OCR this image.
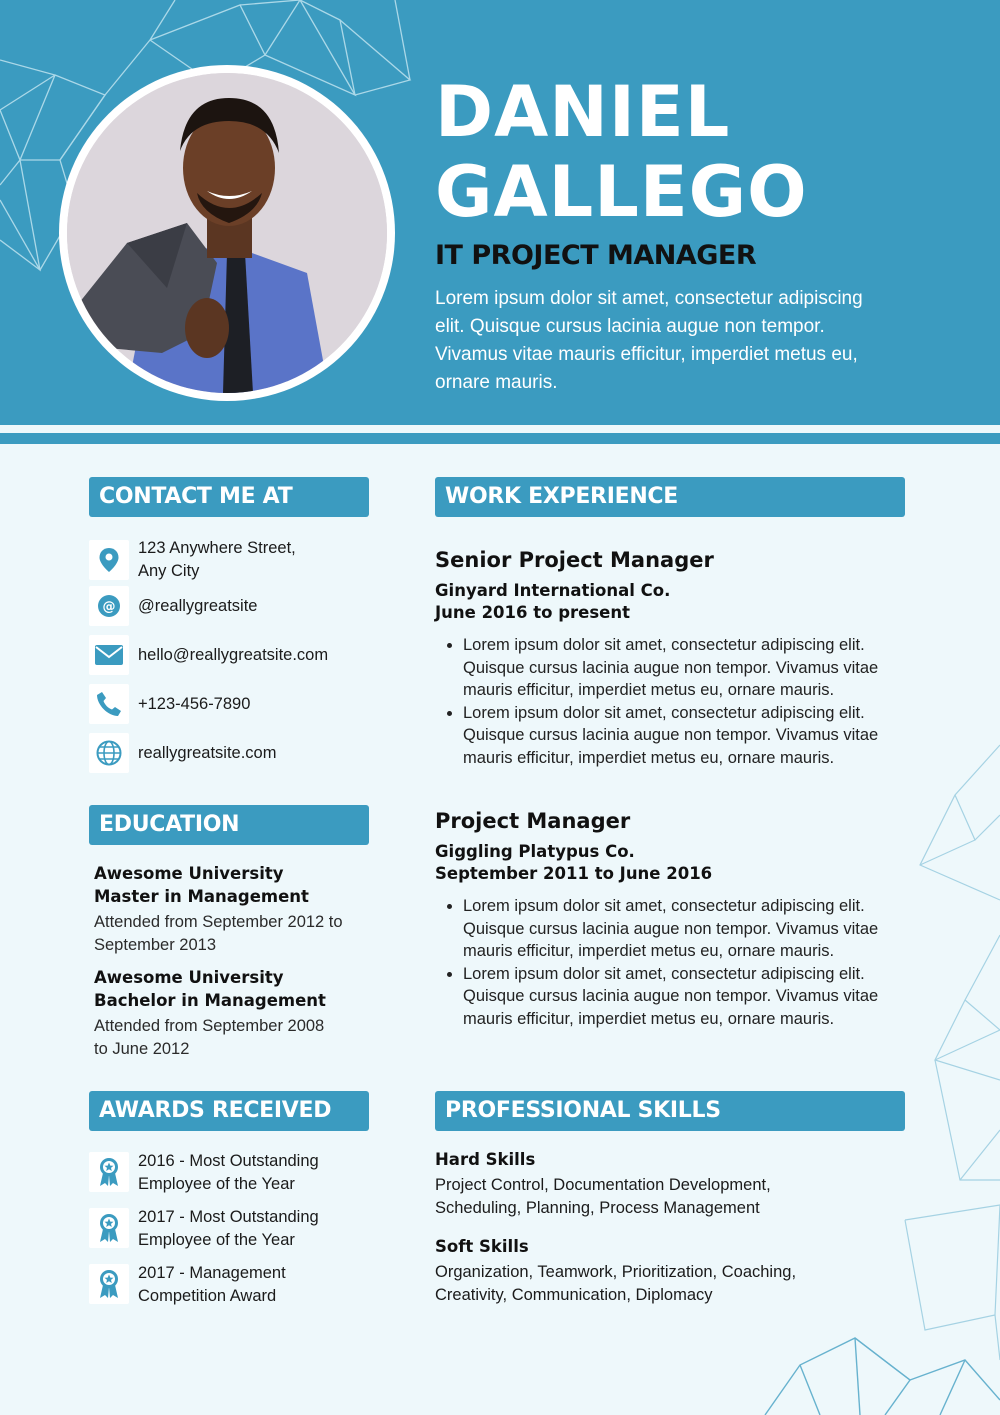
DANIEL
GALLEGO
IT PROJECT MANAGER

Lorem ipsum dolor sit amet, consectetur adipiscing elit. Quisque cursus lacinia augue non tempor. Vivamus vitae mauris efficitur, imperdiet metus eu, ornare mauris.

CONTACT ME AT
123 Anywhere Street, Any City
@ @reallygreatsite
hello@reallygreatsite.com
+123-456-7890
reallygreatsite.com
EDUCATION

Awesome University

Master in Management

Attended from September 2012 to September 2013

Awesome University

Bachelor in Management

Attended from September 2008 to June 2012

AWARDS RECEIVED
2016 - Most Outstanding Employee of the Year
2017 - Most Outstanding Employee of the Year
2017 - Management Competition Award
WORK EXPERIENCE

Senior Project Manager

Ginyard International Co.

June 2016 to present

• Lorem ipsum dolor sit amet, consectetur adipiscing elit. Quisque cursus lacinia augue non tempor. Vivamus vitae mauris efficitur, imperdiet metus eu, ornare mauris.
• Lorem ipsum dolor sit amet, consectetur adipiscing elit. Quisque cursus lacinia augue non tempor. Vivamus vitae mauris efficitur, imperdiet metus eu, ornare mauris.

Project Manager

Giggling Platypus Co.

September 2011 to June 2016

• Lorem ipsum dolor sit amet, consectetur adipiscing elit. Quisque cursus lacinia augue non tempor. Vivamus vitae mauris efficitur, imperdiet metus eu, ornare mauris.
• Lorem ipsum dolor sit amet, consectetur adipiscing elit. Quisque cursus lacinia augue non tempor. Vivamus vitae mauris efficitur, imperdiet metus eu, ornare mauris.
PROFESSIONAL SKILLS

Hard Skills

Project Control, Documentation Development, Scheduling, Planning, Process Management

Soft Skills

Organization, Teamwork, Prioritization, Coaching, Creativity, Communication, Diplomacy
